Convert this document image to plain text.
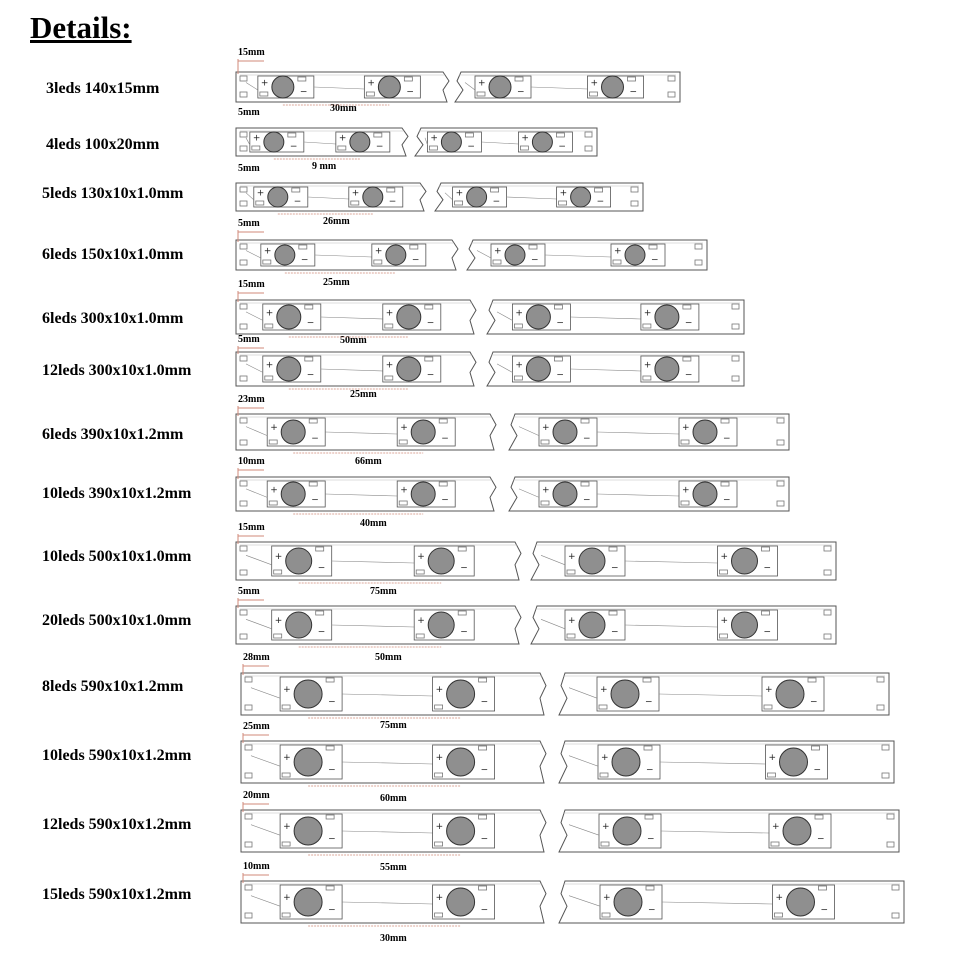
Details:
3leds 140x15mm
15mm
5mm	30mm
4leds 100x20mm
5mm	9 mm
5leds 130x10x1.0mm
26mm
6leds 150x10x1.0mm
5mm
25mm
6leds 300x10x1.0mm
15mm
50mm
12leds 300x10x1.0mm
5mm
25mm
6leds 390x10x1.2mm
23mm
66mm
10leds 390x10x1.2mm
10mm
40mm
10leds 500x10x1.0mm
15mm
75mm
20leds 500x10x1.0mm
5mm
50mm
8leds 590x10x1.2mm
28mm
75mm
10leds 590x10x1.2mm
25mm
60mm
12leds 590x10x1.2mm
20mm
55mm
15leds 590x10x1.2mm
10mm
30mm
+
−
+
−
+
−
+
−
+
−
+
−
+
−
+
−
+
−
+
−
+
−
+
−
+
−
+
−
+
−
+
−
+
−
+
−
+
−
+
−
+
−
+
−
+
−
+
−
+
−
+
−
+
−
+
−
+
−
+
−
+
−
+
−
+
−
+
−
+
−
+
−
+
−
+
−
+
−
+
−
+
−
+
−
+
−
+
−
+
−
+
−
+
−
+
−
+
−
+
−
+
−
+
−
+
−
+
−
+
−
+
−
